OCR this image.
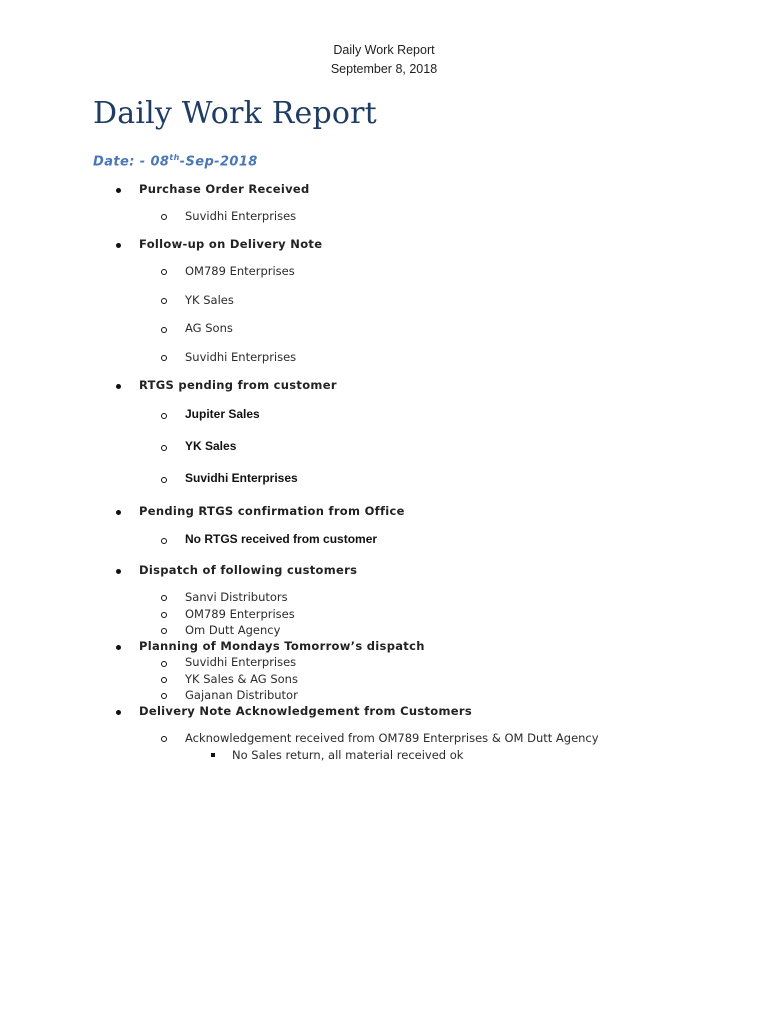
Daily Work Report
September 8, 2018
Daily Work Report
Date: - 08th-Sep-2018
Purchase Order Received
Suvidhi Enterprises
Follow-up on Delivery Note
OM789 Enterprises
YK Sales
AG Sons
Suvidhi Enterprises
RTGS pending from customer
Jupiter Sales
YK Sales
Suvidhi Enterprises
Pending RTGS confirmation from Office
No RTGS received from customer
Dispatch of following customers
Sanvi Distributors
OM789 Enterprises
Om Dutt Agency
Planning of Mondays Tomorrow’s dispatch
Suvidhi Enterprises
YK Sales & AG Sons
Gajanan Distributor
Delivery Note Acknowledgement from Customers
Acknowledgement received from OM789 Enterprises & OM Dutt Agency
No Sales return, all material received ok
